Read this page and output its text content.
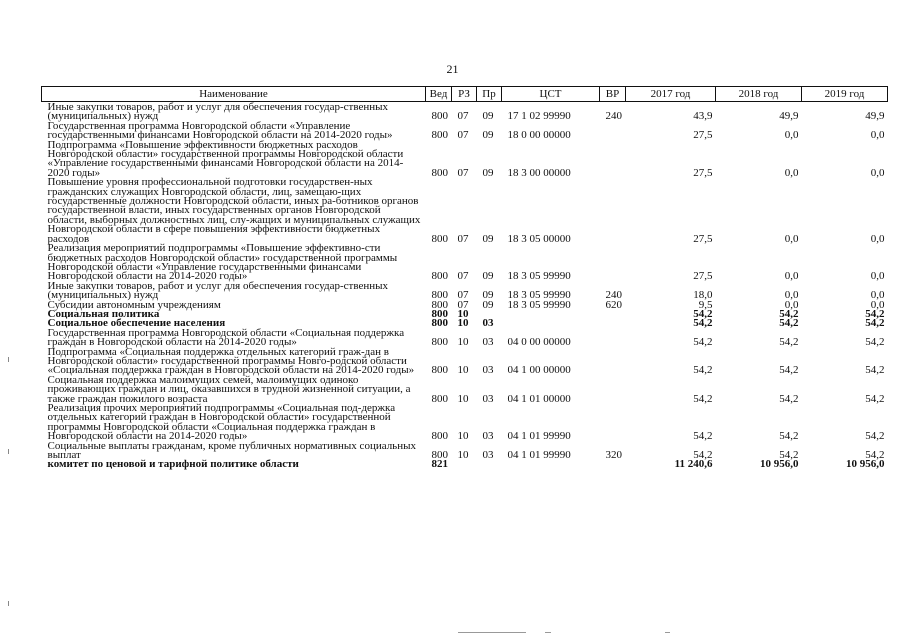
21
Наименование	Вед	РЗ	Пр	ЦСТ	ВР	2017 год	2018 год	2019 год
Иные закупки товаров, работ и услуг для обеспечения государ-ственных (муниципальных) нужд	800	07	09	17 1 02 99990	240	43,9	49,9	49,9
Государственная программа Новгородской области «Управление государственными финансами Новгородской области на 2014-2020 годы»	800	07	09	18 0 00 00000		27,5	0,0	0,0
Подпрограмма «Повышение эффективности бюджетных расходов Новгородской области» государственной программы Новгородской области «Управление государственными финансами Новгородской области на 2014-2020 годы»	800	07	09	18 3 00 00000		27,5	0,0	0,0
Повышение уровня профессиональной подготовки государствен-ных гражданских служащих Новгородской области, лиц, замещаю-щих государственные должности Новгородской области, иных ра-ботников органов государственной власти, иных государственных органов Новгородской области, выборных должностных лиц, слу-жащих и муниципальных служащих Новгородской области в сфере повышения эффективности бюджетных расходов	800	07	09	18 3 05 00000		27,5	0,0	0,0
Реализация мероприятий подпрограммы «Повышение эффективно-сти бюджетных расходов Новгородской области» государственной программы Новгородской области «Управление государственными финансами Новгородской области на 2014-2020 годы»	800	07	09	18 3 05 99990		27,5	0,0	0,0
Иные закупки товаров, работ и услуг для обеспечения государ-ственных (муниципальных) нужд	800	07	09	18 3 05 99990	240	18,0	0,0	0,0
Субсидии автономным учреждениям	800	07	09	18 3 05 99990	620	9,5	0,0	0,0
Социальная политика	800	10				54,2	54,2	54,2
Социальное обеспечение населения	800	10	03			54,2	54,2	54,2
Государственная программа Новгородской области «Социальная поддержка граждан в Новгородской области на 2014-2020 годы»	800	10	03	04 0 00 00000		54,2	54,2	54,2
Подпрограмма «Социальная поддержка отдельных категорий граж-дан в Новгородской области» государственной программы Новго-родской области «Социальная поддержка граждан в Новгородской области на 2014-2020 годы»	800	10	03	04 1 00 00000		54,2	54,2	54,2
Социальная поддержка малоимущих семей, малоимущих одиноко проживающих граждан и лиц, оказавшихся в трудной жизненной ситуации, а также граждан пожилого возраста	800	10	03	04 1 01 00000		54,2	54,2	54,2
Реализация прочих мероприятий подпрограммы «Социальная под-держка отдельных категорий граждан в Новгородской области» государственной программы Новгородской области «Социальная поддержка граждан в Новгородской области на 2014-2020 годы»	800	10	03	04 1 01 99990		54,2	54,2	54,2
Социальные выплаты гражданам, кроме публичных нормативных социальных выплат	800	10	03	04 1 01 99990	320	54,2	54,2	54,2
комитет по ценовой и тарифной политике области	821					11 240,6	10 956,0	10 956,0
